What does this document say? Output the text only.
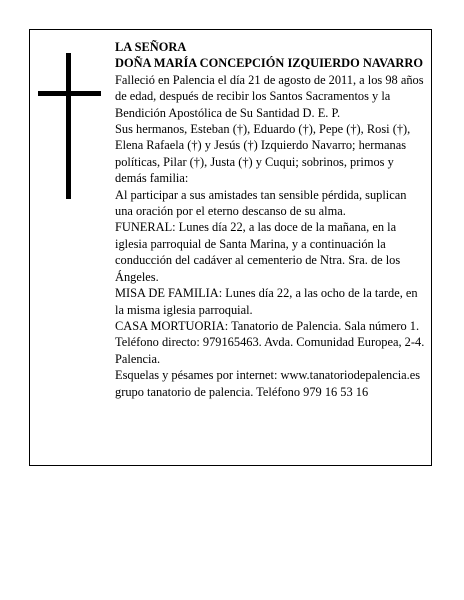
LA SEÑORA

DOÑA MARÍA CONCEPCIÓN IZQUIERDO NAVARRO

Falleció en Palencia el día 21 de agosto de 2011, a los 98 años de edad, después de recibir los Santos Sacramentos y la Bendición Apostólica de Su Santidad D. E. P.

Sus hermanos, Esteban (†), Eduardo (†), Pepe (†), Rosi (†), Elena Rafaela (†) y Jesús (†) Izquierdo Navarro; hermanas políticas, Pilar (†), Justa (†) y Cuqui; sobrinos, primos y demás familia:

Al participar a sus amistades tan sensible pérdida, suplican una oración por el eterno descanso de su alma.

FUNERAL: Lunes día 22, a las doce de la mañana, en la iglesia parroquial de Santa Marina, y a continuación la conducción del cadáver al cementerio de Ntra. Sra. de los Ángeles.

MISA DE FAMILIA: Lunes día 22, a las ocho de la tarde, en la misma iglesia parroquial.

CASA MORTUORIA: Tanatorio de Palencia. Sala número 1. Teléfono directo: 979165463. Avda. Comunidad Europea, 2-4. Palencia.

Esquelas y pésames por internet: www.tanatoriodepalencia.es

grupo tanatorio de palencia. Teléfono 979 16 53 16
